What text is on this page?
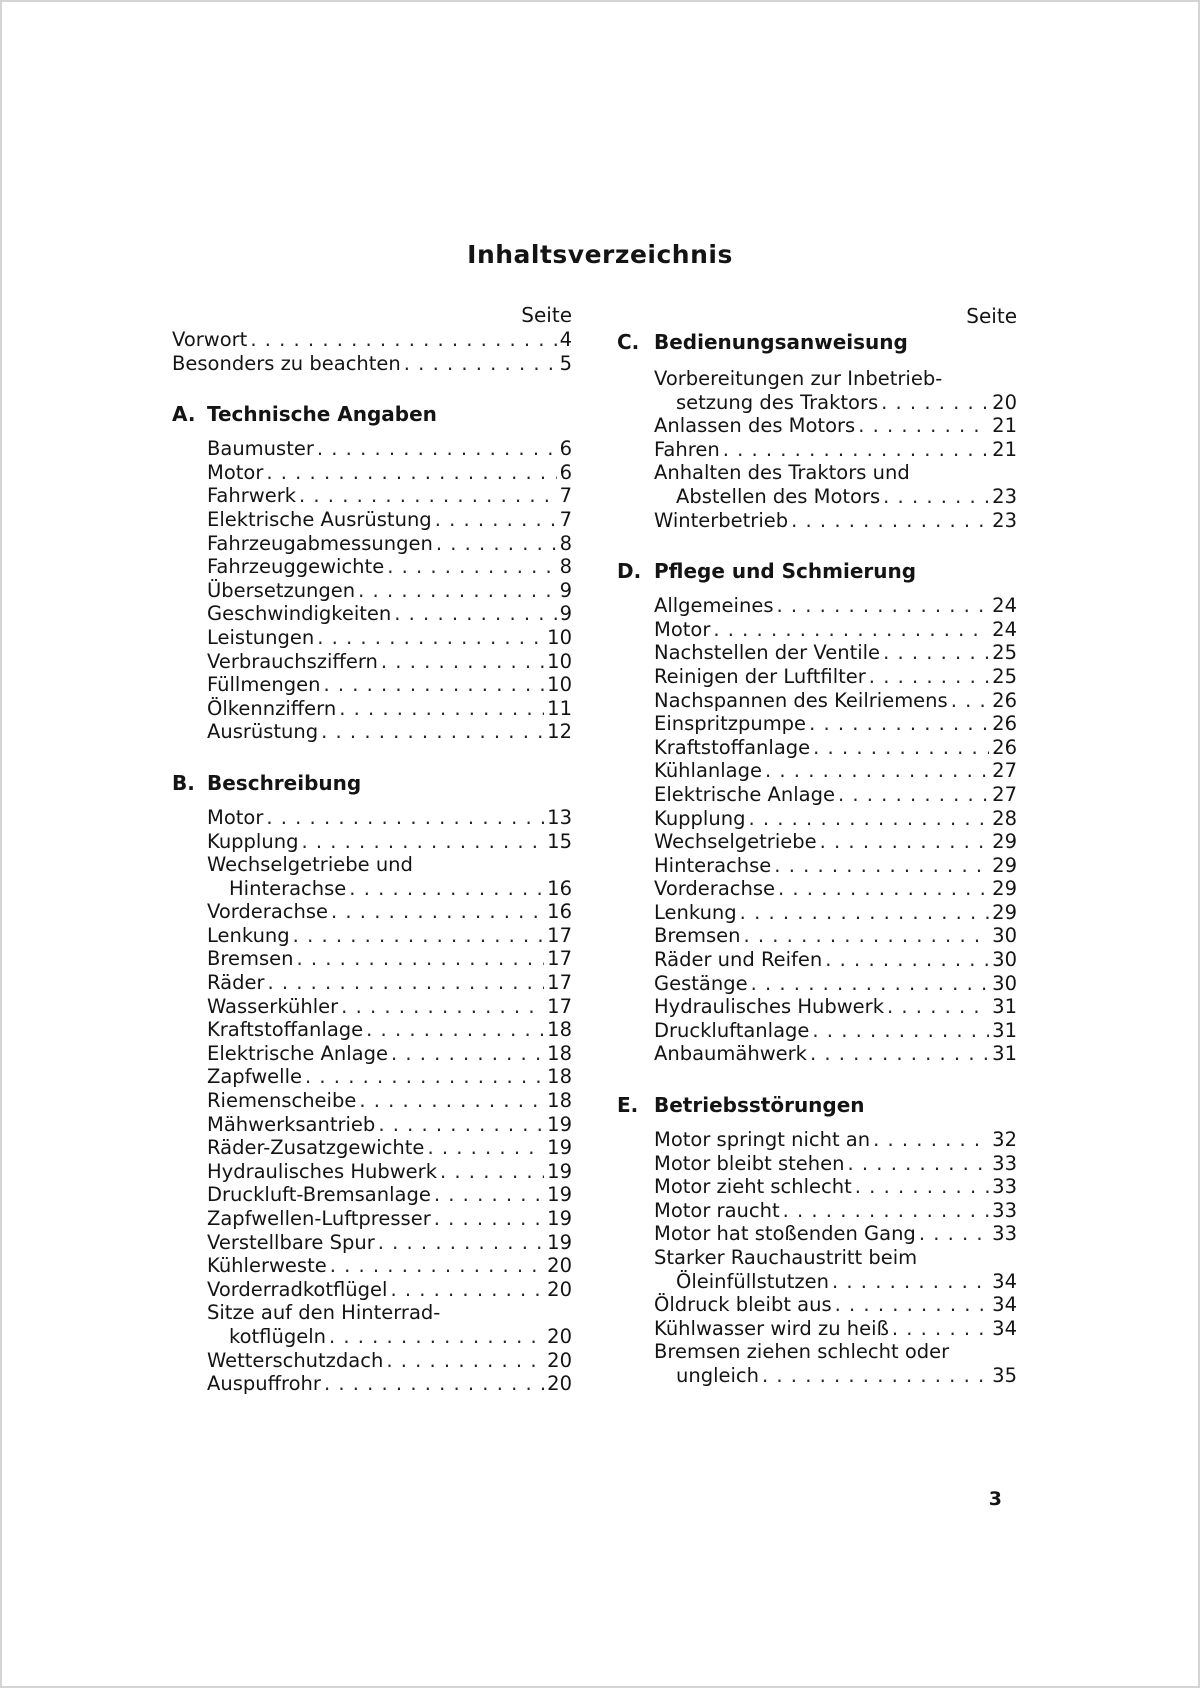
Inhaltsverzeichnis
Seite
Vorwort . . .	4
Besonders zu beachten . . .	5
A. Technische Angaben
Baumuster . . .	6
Motor . . .	6
Fahrwerk . . .	7
Elektrische Ausrüstung . . .	7
Fahrzeugabmessungen . . .	8
Fahrzeuggewichte . . .	8
Übersetzungen . . .	9
Geschwindigkeiten . . .	9
Leistungen . . .	10
Verbrauchsziffern . . .	10
Füllmengen . . .	10
Ölkennziffern . . .	11
Ausrüstung . . .	12
B. Beschreibung
Motor . . .	13
Kupplung . . .	15
Wechselgetriebe und
Hinterachse . . .	16
Vorderachse . . .	16
Lenkung . . .	17
Bremsen . . .	17
Räder . . .	17
Wasserkühler . . .	17
Kraftstoffanlage . . .	18
Elektrische Anlage . . .	18
Zapfwelle . . .	18
Riemenscheibe . . .	18
Mähwerksantrieb . . .	19
Räder-Zusatzgewichte . . .	19
Hydraulisches Hubwerk . . .	19
Druckluft-Bremsanlage . . .	19
Zapfwellen-Luftpresser . . .	19
Verstellbare Spur . . .	19
Kühlerweste . . .	20
Vorderradkotflügel . . .	20
Sitze auf den Hinterrad-
kotflügeln . . .	20
Wetterschutzdach . . .	20
Auspuffrohr . . .	20
Seite
C. Bedienungsanweisung
Vorbereitungen zur Inbetrieb-
setzung des Traktors . . .	20
Anlassen des Motors . . .	21
Fahren . . .	21
Anhalten des Traktors und
Abstellen des Motors . . .	23
Winterbetrieb . . .	23
D. Pflege und Schmierung
Allgemeines . . .	24
Motor . . .	24
Nachstellen der Ventile . . .	25
Reinigen der Luftfilter . . .	25
Nachspannen des Keilriemens . . . 26
Einspritzpumpe . . .	26
Kraftstoffanlage . . .	26
Kühlanlage . . .	27
Elektrische Anlage . . .	27
Kupplung . . .	28
Wechselgetriebe . . .	29
Hinterachse . . .	29
Vorderachse . . .	29
Lenkung . . .	29
Bremsen . . .	30
Räder und Reifen . . .	30
Gestänge . . .	30
Hydraulisches Hubwerk . . .	31
Druckluftanlage . . .	31
Anbaumähwerk . . .	31
E. Betriebsstörungen
Motor springt nicht an . . .	32
Motor bleibt stehen . . .	33
Motor zieht schlecht . . .	33
Motor raucht . . .	33
Motor hat stoßenden Gang . . .	33
Starker Rauchaustritt beim
Öleinfüllstutzen . . .	34
Öldruck bleibt aus . . .	34
Kühlwasser wird zu heiß . . .	34
Bremsen ziehen schlecht oder
ungleich . . .	35
3
